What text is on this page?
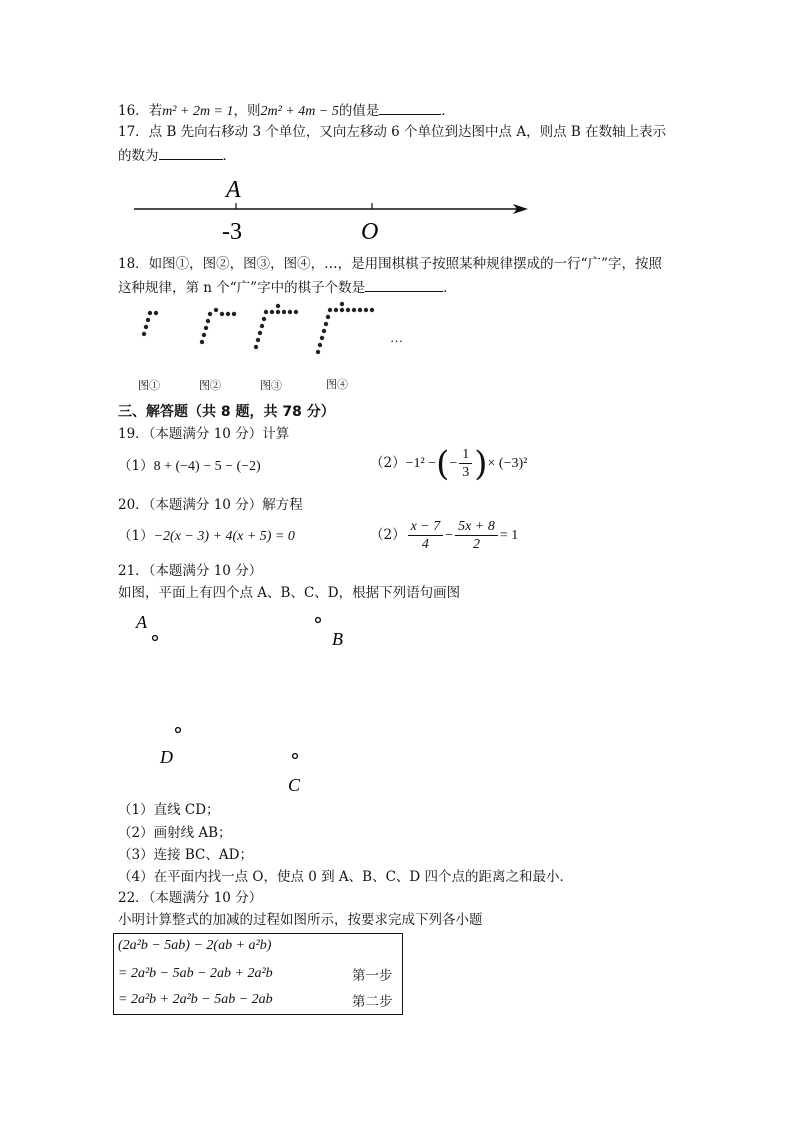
16．若m² + 2m = 1，则2m² + 4m − 5的值是	．
17．点 B 先向右移动 3 个单位，又向左移动 6 个单位到达图中点 A，则点 B 在数轴上表示
的数为	．
A
-3	O
18．如图①，图②，图③，图④，…，是用围棋棋子按照某种规律摆成的一行“广”字，按照
这种规律，第 n 个“广”字中的棋子个数是	．
…
图①	图②	图③	图④
三、解答题（共 8 题，共 78 分）
19．（本题满分 10 分）计算
（1）8 + (−4) − 5 − (−2)	（2） −1² − ( − $\frac{1}{3}$ ) × (−3)²
20．（本题满分 10 分）解方程
（1）−2(x − 3) + 4(x + 5) = 0	$(2) \frac{x - 7}{4} - \frac{5x + 8}{2} = 1$
21．（本题满分 10 分）
如图，平面上有四个点 A、B、C、D，根据下列语句画图
A
B
D
C
（1）直线 CD；
（2）画射线 AB；
（3）连接 BC、AD；
（4）在平面内找一点 O，使点 0 到 A、B、C、D 四个点的距离之和最小．
22．（本题满分 10 分）
小明计算整式的加减的过程如图所示，按要求完成下列各小题
(2a²b − 5ab) − 2(ab + a²b)
= 2a²b − 5ab − 2ab + 2a²b	第一步
= 2a²b + 2a²b − 5ab − 2ab	第二步
